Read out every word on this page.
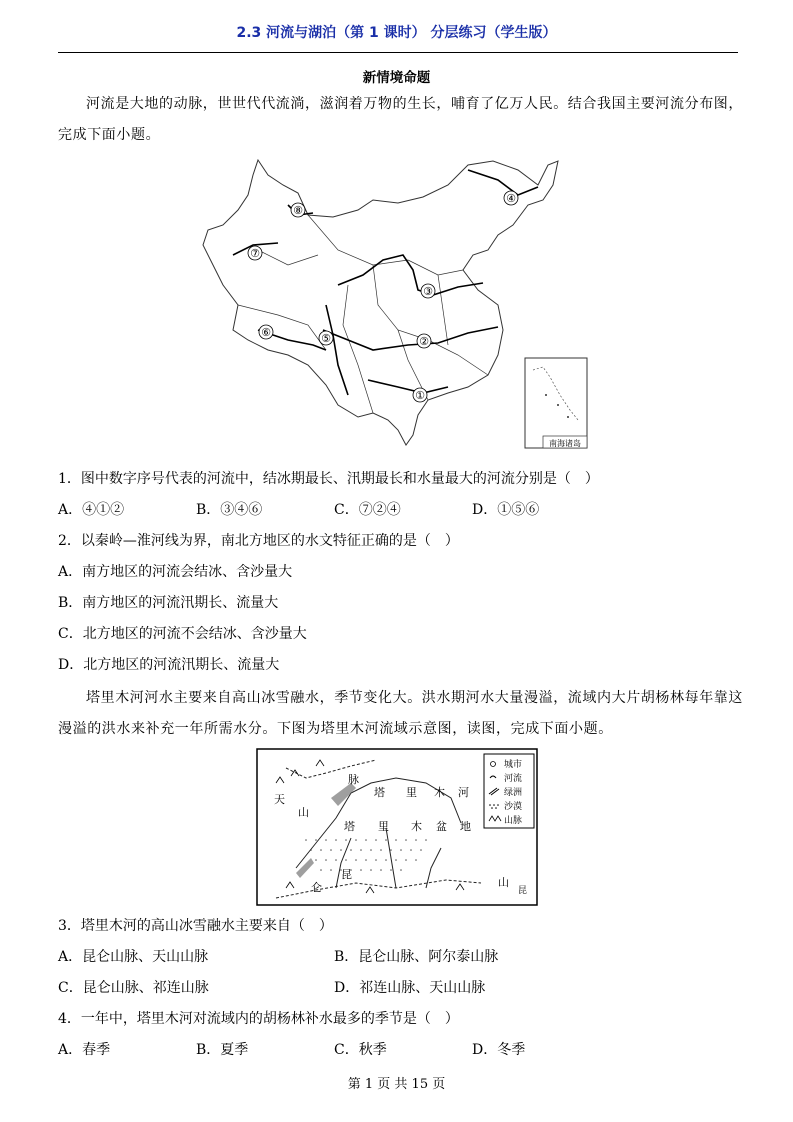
2.3 河流与湖泊（第 1 课时） 分层练习（学生版）
新情境命题
河流是大地的动脉，世世代代流淌，滋润着万物的生长，哺育了亿万人民。结合我国主要河流分布图，完成下面小题。
①
②
③
④
⑤
⑥
⑦
⑧
南海诸岛
1．图中数字序号代表的河流中，结冰期最长、汛期最长和水量最大的河流分别是（　）
A．④①②	B．③④⑥	C．⑦②④	D．①⑤⑥
2．以秦岭—淮河线为界，南北方地区的水文特征正确的是（　）
A．南方地区的河流会结冰、含沙量大
B．南方地区的河流汛期长、流量大
C．北方地区的河流不会结冰、含沙量大
D．北方地区的河流汛期长、流量大
塔里木河河水主要来自高山冰雪融水，季节变化大。洪水期河水大量漫溢，流域内大片胡杨林每年靠这漫溢的洪水来补充一年所需水分。下图为塔里木河流域示意图，读图，完成下面小题。
天
山
塔 里 木 河
塔 里 木 盆 地
昆
仑	山
脉
昆
城市
河流
绿洲
沙漠
山脉
3．塔里木河的高山冰雪融水主要来自（　）
A．昆仑山脉、天山山脉	B．昆仑山脉、阿尔泰山脉
C．昆仑山脉、祁连山脉	D．祁连山脉、天山山脉
4．一年中，塔里木河对流域内的胡杨林补水最多的季节是（　）
A．春季	B．夏季	C．秋季	D．冬季
第 1 页 共 15 页
